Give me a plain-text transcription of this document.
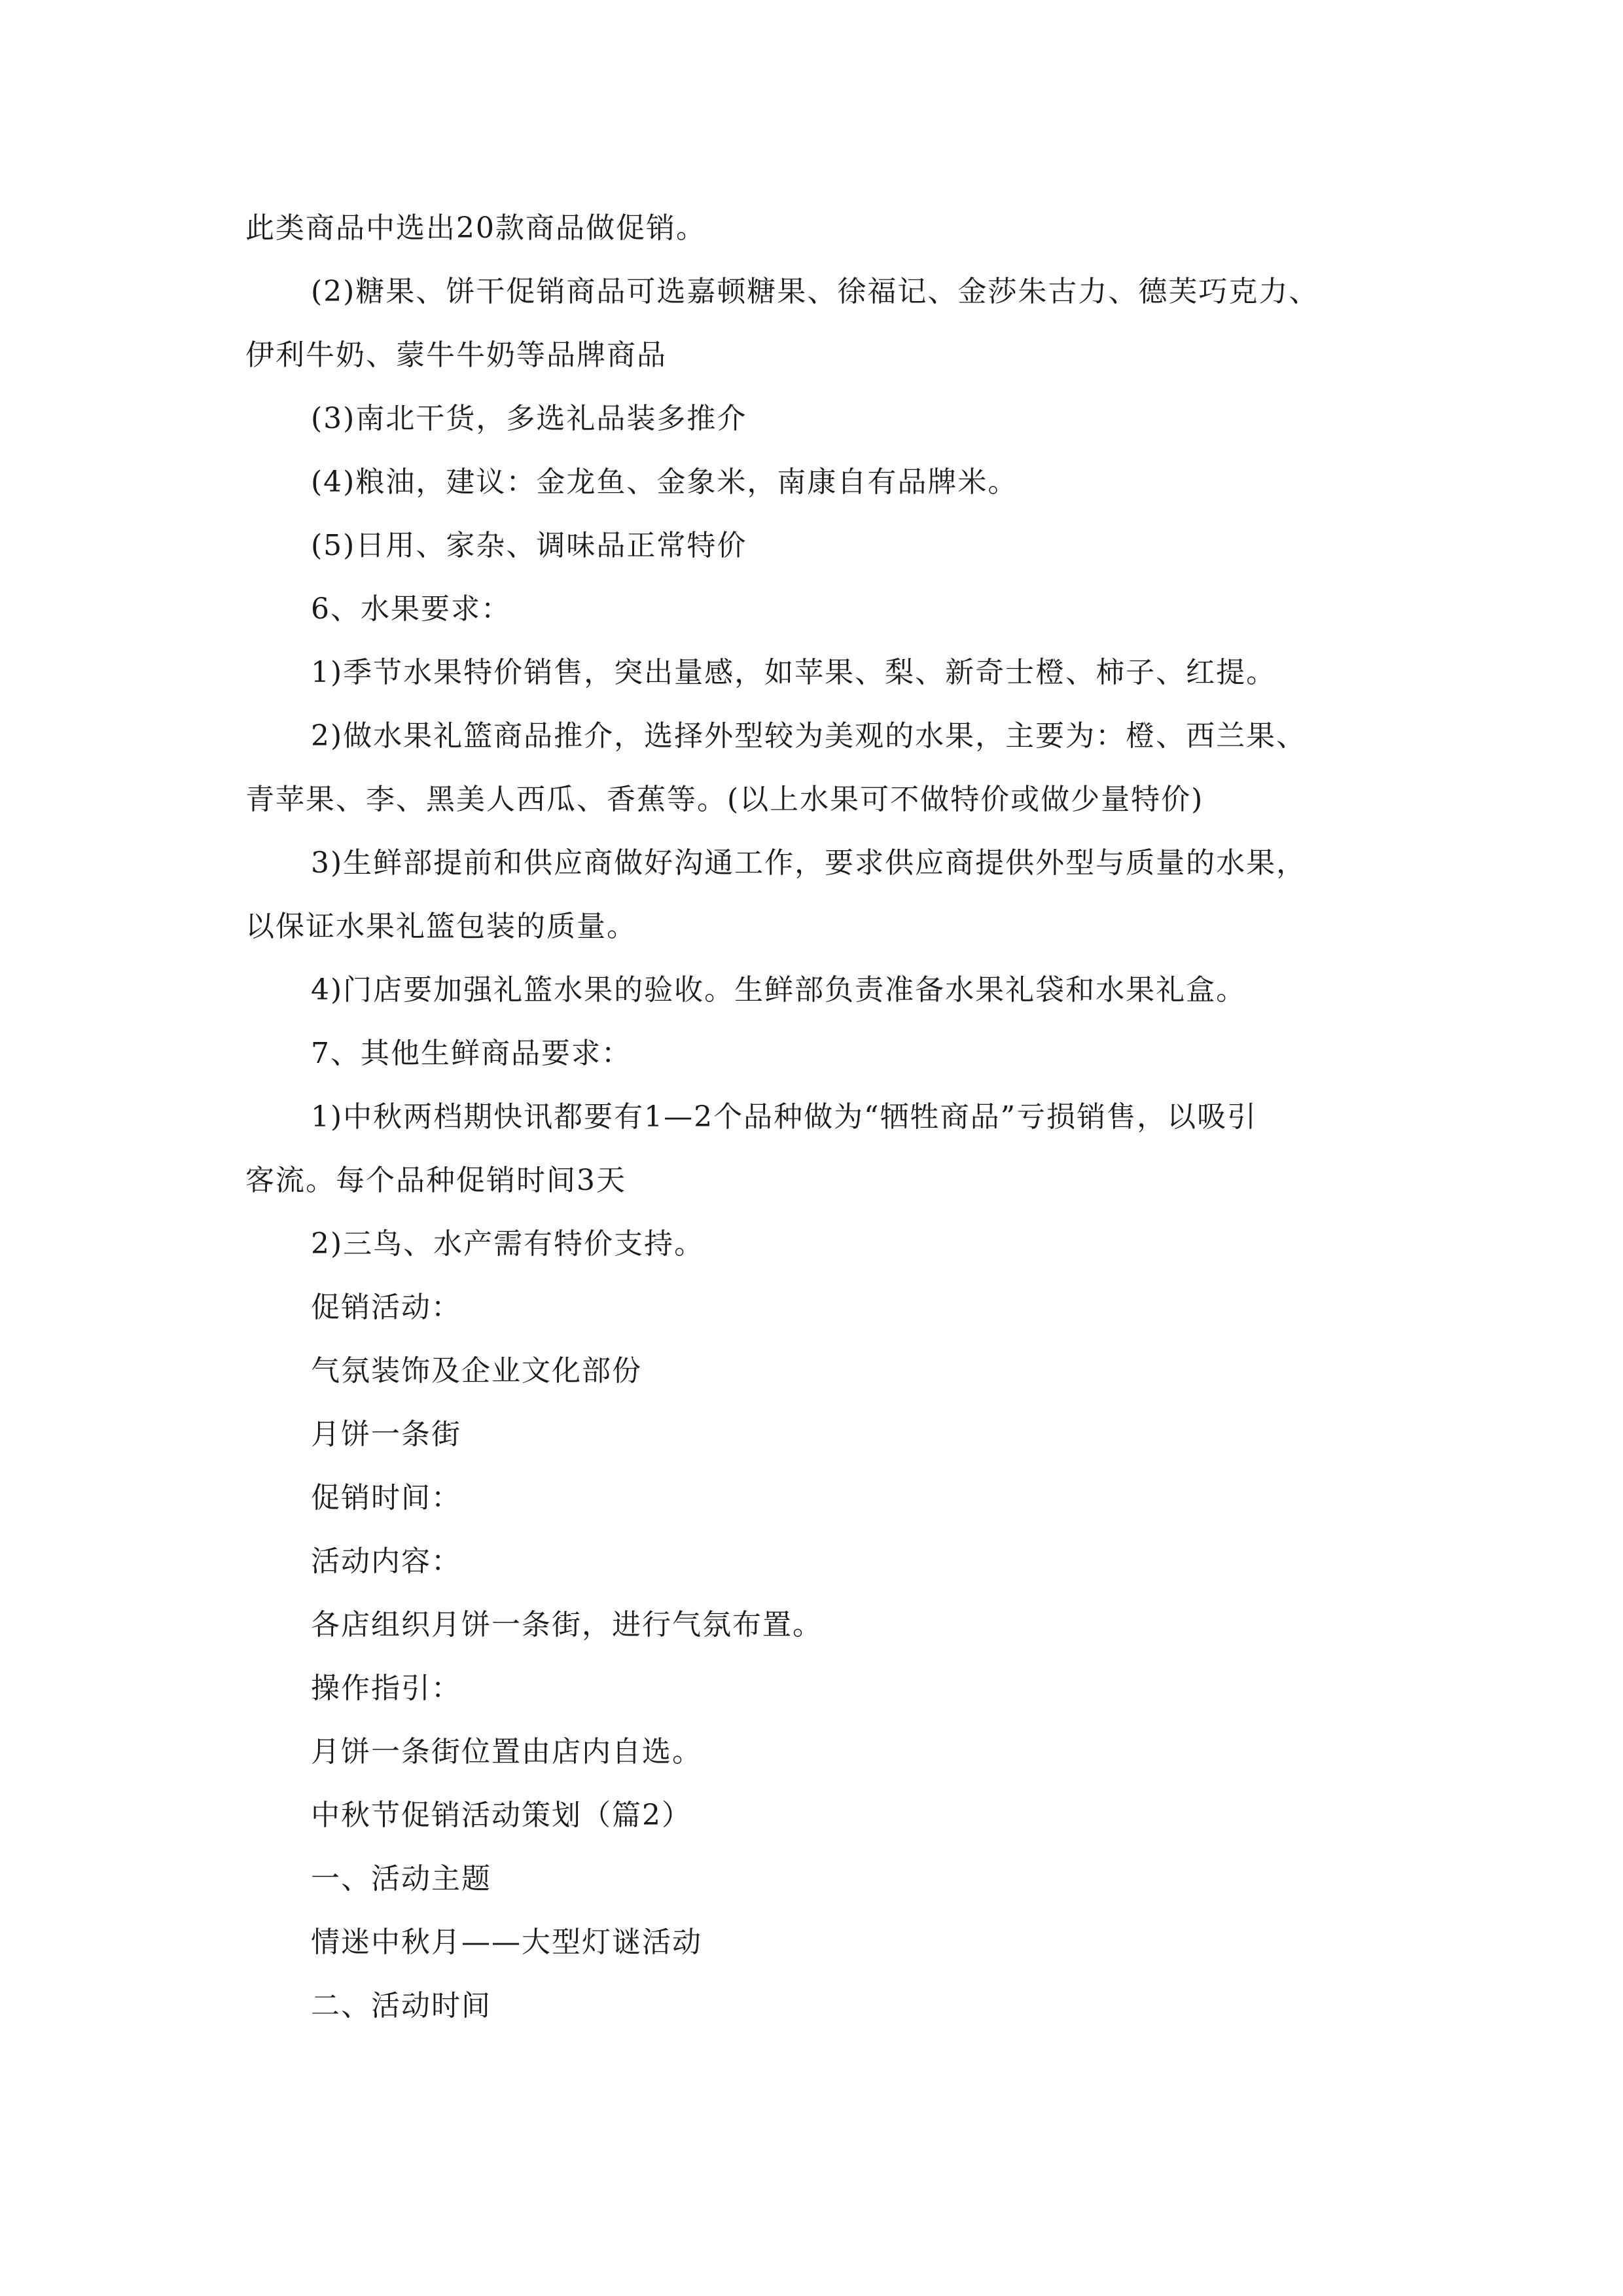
此类商品中选出20款商品做促销。
(2)糖果、饼干促销商品可选嘉顿糖果、徐福记、金莎朱古力、德芙巧克力、
伊利牛奶、蒙牛牛奶等品牌商品
(3)南北干货，多选礼品装多推介
(4)粮油，建议：金龙鱼、金象米，南康自有品牌米。
(5)日用、家杂、调味品正常特价
6、水果要求：
1)季节水果特价销售，突出量感，如苹果、梨、新奇士橙、柿子、红提。
2)做水果礼篮商品推介，选择外型较为美观的水果，主要为：橙、西兰果、
青苹果、李、黑美人西瓜、香蕉等。(以上水果可不做特价或做少量特价)
3)生鲜部提前和供应商做好沟通工作，要求供应商提供外型与质量的水果，
以保证水果礼篮包装的质量。
4)门店要加强礼篮水果的验收。生鲜部负责准备水果礼袋和水果礼盒。
7、其他生鲜商品要求：
1)中秋两档期快讯都要有1—2个品种做为“牺牲商品”亏损销售，以吸引
客流。每个品种促销时间3天
2)三鸟、水产需有特价支持。
促销活动：
气氛装饰及企业文化部份
月饼一条街
促销时间：
活动内容：
各店组织月饼一条街，进行气氛布置。
操作指引：
月饼一条街位置由店内自选。
中秋节促销活动策划（篇2）
一、活动主题
情迷中秋月——大型灯谜活动
二、活动时间
